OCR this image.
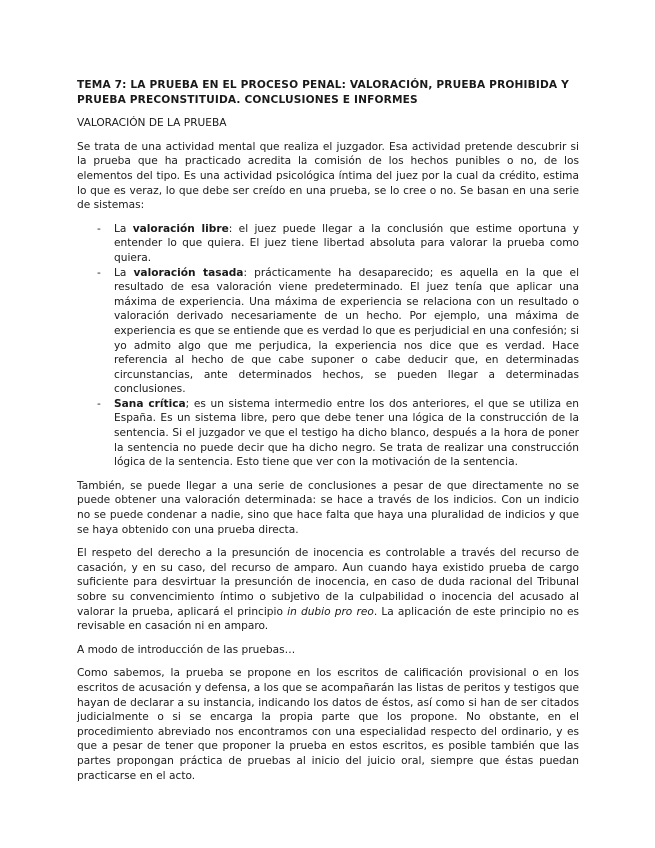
TEMA 7: LA PRUEBA EN EL PROCESO PENAL: VALORACIÓN, PRUEBA PROHIBIDA Y PRUEBA PRECONSTITUIDA. CONCLUSIONES E INFORMES
VALORACIÓN DE LA PRUEBA

Se trata de una actividad mental que realiza el juzgador. Esa actividad pretende descubrir si la prueba que ha practicado acredita la comisión de los hechos punibles o no, de los elementos del tipo. Es una actividad psicológica íntima del juez por la cual da crédito, estima lo que es veraz, lo que debe ser creído en una prueba, se lo cree o no. Se basan en una serie de sistemas:

- La valoración libre: el juez puede llegar a la conclusión que estime oportuna y entender lo que quiera. El juez tiene libertad absoluta para valorar la prueba como quiera.
- La valoración tasada: prácticamente ha desaparecido; es aquella en la que el resultado de esa valoración viene predeterminado. El juez tenía que aplicar una máxima de experiencia. Una máxima de experiencia se relaciona con un resultado o valoración derivado necesariamente de un hecho. Por ejemplo, una máxima de experiencia es que se entiende que es verdad lo que es perjudicial en una confesión; si yo admito algo que me perjudica, la experiencia nos dice que es verdad. Hace referencia al hecho de que cabe suponer o cabe deducir que, en determinadas circunstancias, ante determinados hechos, se pueden llegar a determinadas conclusiones.
- Sana crítica; es un sistema intermedio entre los dos anteriores, el que se utiliza en España. Es un sistema libre, pero que debe tener una lógica de la construcción de la sentencia. Si el juzgador ve que el testigo ha dicho blanco, después a la hora de poner la sentencia no puede decir que ha dicho negro. Se trata de realizar una construcción lógica de la sentencia. Esto tiene que ver con la motivación de la sentencia.

También, se puede llegar a una serie de conclusiones a pesar de que directamente no se puede obtener una valoración determinada: se hace a través de los indicios. Con un indicio no se puede condenar a nadie, sino que hace falta que haya una pluralidad de indicios y que se haya obtenido con una prueba directa.

El respeto del derecho a la presunción de inocencia es controlable a través del recurso de casación, y en su caso, del recurso de amparo. Aun cuando haya existido prueba de cargo suficiente para desvirtuar la presunción de inocencia, en caso de duda racional del Tribunal sobre su convencimiento íntimo o subjetivo de la culpabilidad o inocencia del acusado al valorar la prueba, aplicará el principio in dubio pro reo. La aplicación de este principio no es revisable en casación ni en amparo.

A modo de introducción de las pruebas…

Como sabemos, la prueba se propone en los escritos de calificación provisional o en los escritos de acusación y defensa, a los que se acompañarán las listas de peritos y testigos que hayan de declarar a su instancia, indicando los datos de éstos, así como si han de ser citados judicialmente o si se encarga la propia parte que los propone. No obstante, en el procedimiento abreviado nos encontramos con una especialidad respecto del ordinario, y es que a pesar de tener que proponer la prueba en estos escritos, es posible también que las partes propongan práctica de pruebas al inicio del juicio oral, siempre que éstas puedan practicarse en el acto.
